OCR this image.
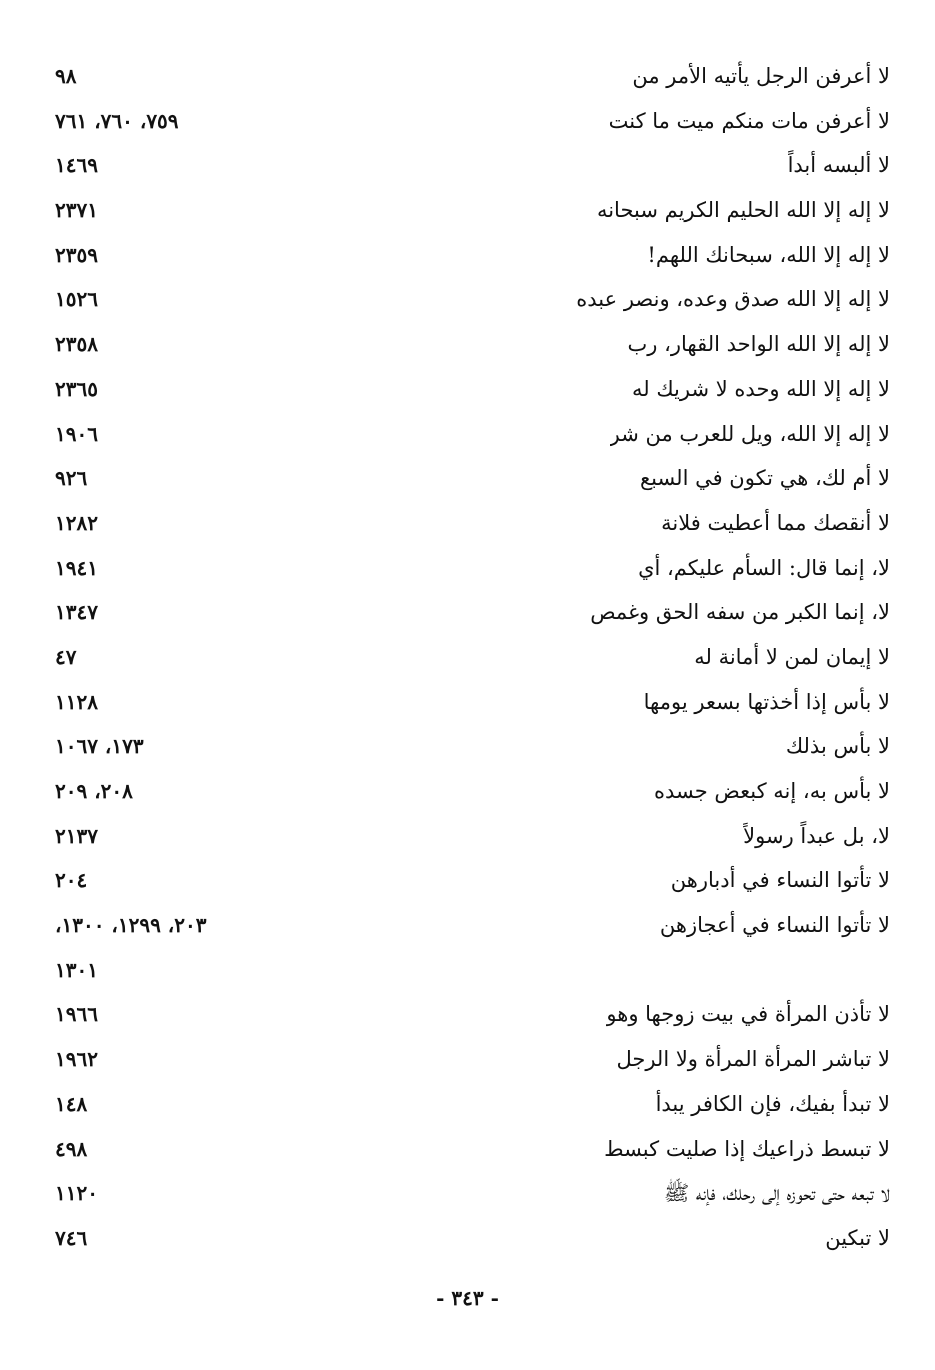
لا أعرفن الرجل يأتيه الأمر من
٩٨
لا أعرفن مات منكم ميت ما كنت
٧٥٩، ٧٦٠، ٧٦١
لا ألبسه أبداً
١٤٦٩
لا إله إلا الله الحليم الكريم سبحانه
٢٣٧١
لا إله إلا الله، سبحانك اللهم!
٢٣٥٩
لا إله إلا الله صدق وعده، ونصر عبده
١٥٢٦
لا إله إلا الله الواحد القهار، رب
٢٣٥٨
لا إله إلا الله وحده لا شريك له
٢٣٦٥
لا إله إلا الله، ويل للعرب من شر
١٩٠٦
لا أم لك، هي تكون في السبع
٩٢٦
لا أنقصك مما أعطيت فلانة
١٢٨٢
لا، إنما قال: السأم عليكم، أي
١٩٤١
لا، إنما الكبر من سفه الحق وغمص
١٣٤٧
لا إيمان لمن لا أمانة له
٤٧
لا بأس إذا أخذتها بسعر يومها
١١٢٨
لا بأس بذلك
١٧٣، ١٠٦٧
لا بأس به، إنه كبعض جسده
٢٠٨، ٢٠٩
لا، بل عبداً رسولاً
٢١٣٧
لا تأتوا النساء في أدبارهن
٢٠٤
لا تأتوا النساء في أعجازهن
٢٠٣، ١٢٩٩، ١٣٠٠،
١٣٠١
لا تأذن المرأة في بيت زوجها وهو
١٩٦٦
لا تباشر المرأة المرأة ولا الرجل
١٩٦٢
لا تبدأ بفيك، فإن الكافر يبدأ
١٤٨
لا تبسط ذراعيك إذا صليت كبسط
٤٩٨
لا تبعه حتى تحوزه إلى رحلك، فإنه ﷺ
١١٢٠
لا تبكين
٧٤٦
- ٣٤٣ -
